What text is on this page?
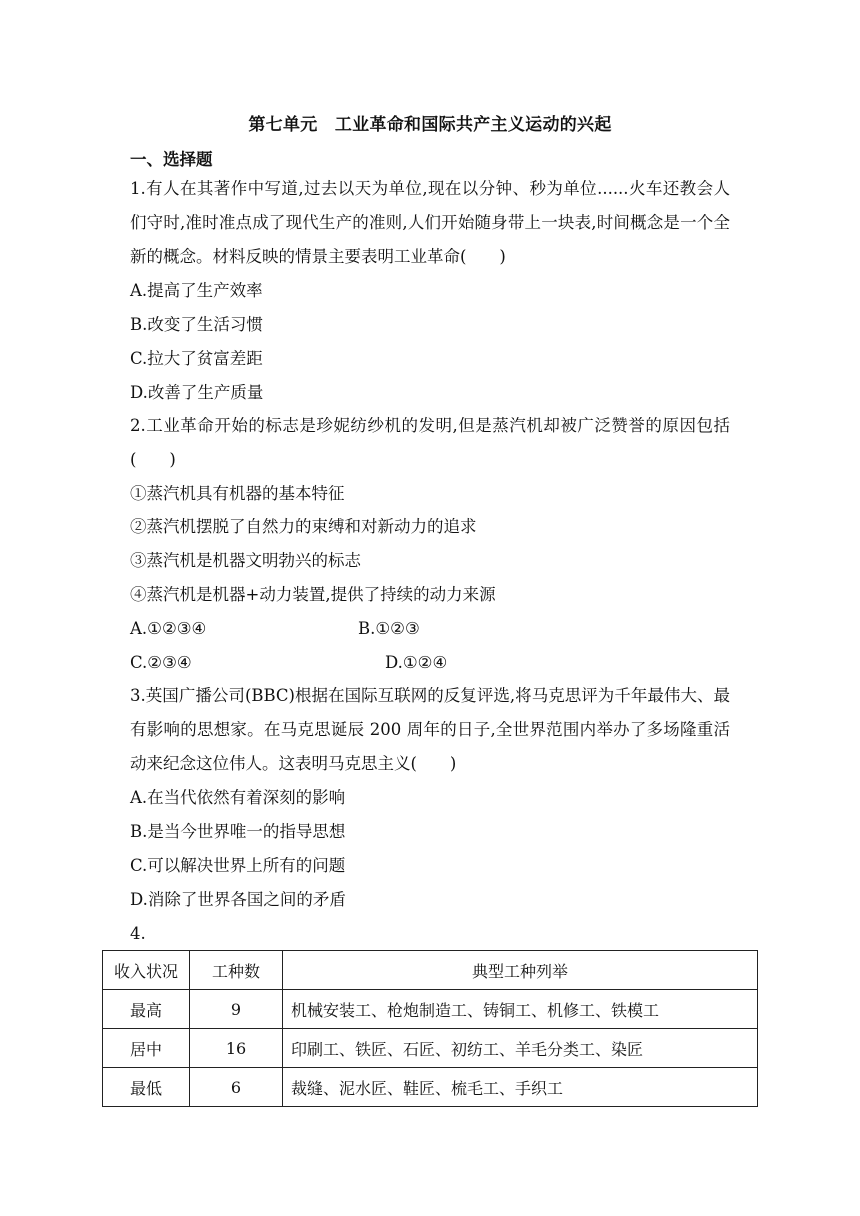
第七单元　工业革命和国际共产主义运动的兴起
一、选择题
1.有人在其著作中写道,过去以天为单位,现在以分钟、秒为单位......火车还教会人们守时,准时准点成了现代生产的准则,人们开始随身带上一块表,时间概念是一个全新的概念。材料反映的情景主要表明工业革命(　　)
A.提高了生产效率
B.改变了生活习惯
C.拉大了贫富差距
D.改善了生产质量
2.工业革命开始的标志是珍妮纺纱机的发明,但是蒸汽机却被广泛赞誉的原因包括(　　)
①蒸汽机具有机器的基本特征
②蒸汽机摆脱了自然力的束缚和对新动力的追求
③蒸汽机是机器文明勃兴的标志
④蒸汽机是机器+动力装置,提供了持续的动力来源
A.①②③④	B.①②③
C.②③④	D.①②④
3.英国广播公司(BBC)根据在国际互联网的反复评选,将马克思评为千年最伟大、最有影响的思想家。在马克思诞辰 200 周年的日子,全世界范围内举办了多场隆重活动来纪念这位伟人。这表明马克思主义(　　)
A.在当代依然有着深刻的影响
B.是当今世界唯一的指导思想
C.可以解决世界上所有的问题
D.消除了世界各国之间的矛盾
4.
收入状况	工种数	典型工种列举
最高	9	机械安装工、枪炮制造工、铸铜工、机修工、铁模工
居中	16	印刷工、铁匠、石匠、初纺工、羊毛分类工、染匠
最低	6	裁缝、泥水匠、鞋匠、梳毛工、手织工
